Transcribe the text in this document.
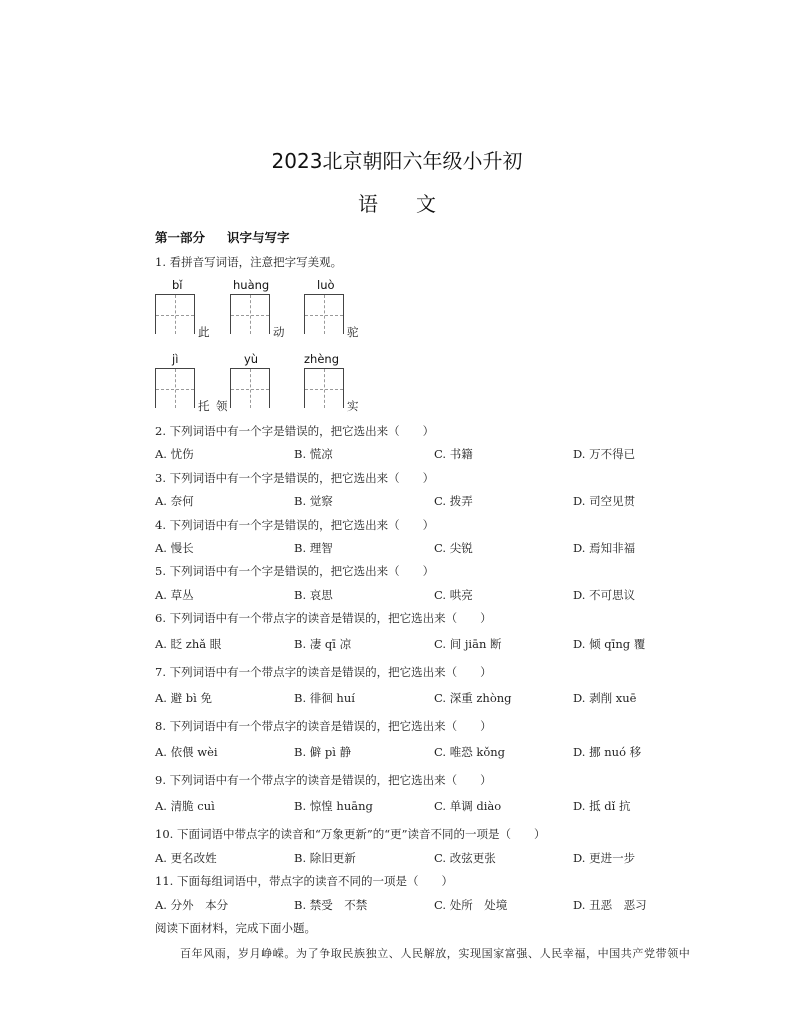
2023北京朝阳六年级小升初
语文
第一部分 识字与写字
1. 看拼音写词语，注意把字写美观。
bǐ
此
huàng
动
luò
驼
jì
托
yù
领
zhèng
实
2. 下列词语中有一个字是错误的，把它选出来（　　）
A. 忧伤	B. 慌凉	C. 书籍	D. 万不得已
3. 下列词语中有一个字是错误的，把它选出来（　　）
A. 奈何	B. 觉察	C. 拨弄	D. 司空见贯
4. 下列词语中有一个字是错误的，把它选出来（　　）
A. 慢长	B. 理智	C. 尖锐	D. 焉知非福
5. 下列词语中有一个字是错误的，把它选出来（　　）
A. 草丛	B. 哀思	C. 哄亮	D. 不可思议
6. 下列词语中有一个带点字的读音是错误的，把它选出来（　　）
A. 眨 zhǎ 眼	B. 凄 qī 凉	C. 间 jiān 断	D. 倾 qīng 覆
7. 下列词语中有一个带点字的读音是错误的，把它选出来（　　）
A. 避 bì 免	B. 徘徊 huí	C. 深重 zhòng	D. 剥削 xuē
8. 下列词语中有一个带点字的读音是错误的，把它选出来（　　）
A. 依偎 wèi	B. 僻 pì 静	C. 唯恐 kǒng	D. 挪 nuó 移
9. 下列词语中有一个带点字的读音是错误的，把它选出来（　　）
A. 清脆 cuì	B. 惊惶 huāng	C. 单调 diào	D. 抵 dǐ 抗
10. 下面词语中带点字的读音和“万象更新”的“更”读音不同的一项是（　　）
A. 更名改姓	B. 除旧更新	C. 改弦更张	D. 更进一步
11. 下面每组词语中，带点字的读音不同的一项是（　　）
A. 分外　本分	B. 禁受　不禁	C. 处所　处境	D. 丑恶　恶习
阅读下面材料，完成下面小题。
百年风雨，岁月峥嵘。为了争取民族独立、人民解放，实现国家富强、人民幸福，中国共产党带领中
